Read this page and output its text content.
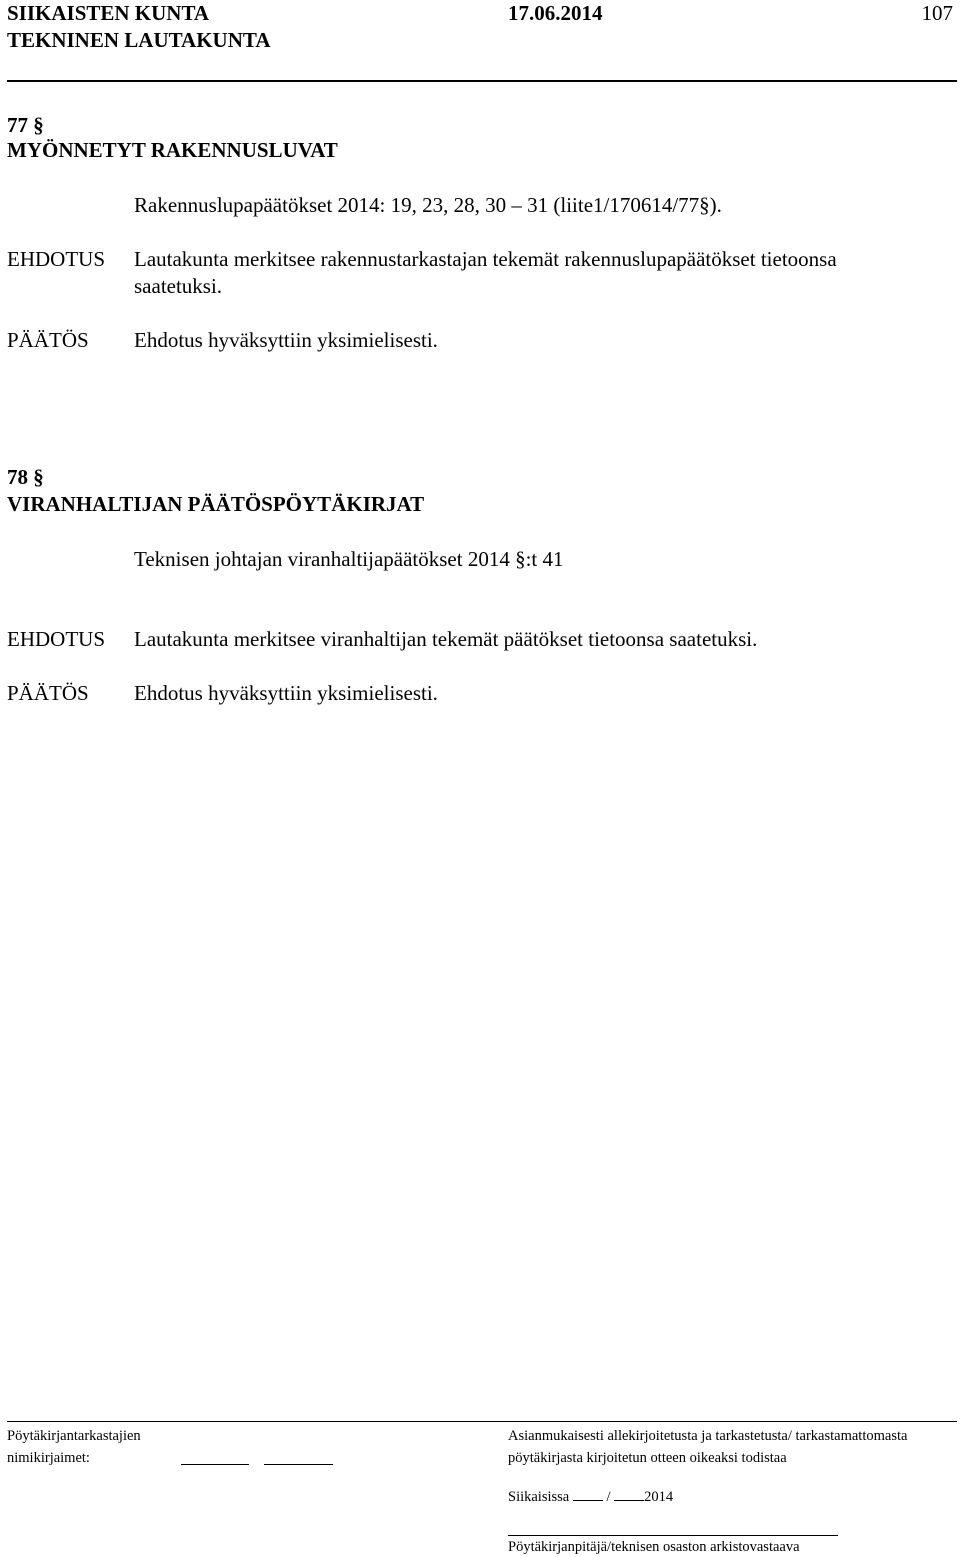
SIIKAISTEN KUNTA
TEKNINEN LAUTAKUNTA
17.06.2014	107
77 §
MYÖNNETYT RAKENNUSLUVAT
Rakennuslupapäätökset 2014: 19, 23, 28, 30 – 31 (liite1/170614/77§).
EHDOTUS Lautakunta merkitsee rakennustarkastajan tekemät rakennuslupapäätökset tietoonsa
saatetuksi.
PÄÄTÖS Ehdotus hyväksyttiin yksimielisesti.
78 §
VIRANHALTIJAN PÄÄTÖSPÖYTÄKIRJAT
Teknisen johtajan viranhaltijapäätökset 2014 §:t 41
EHDOTUS Lautakunta merkitsee viranhaltijan tekemät päätökset tietoonsa saatetuksi.
PÄÄTÖS Ehdotus hyväksyttiin yksimielisesti.
Pöytäkirjantarkastajien
nimikirjaimet:
Asianmukaisesti allekirjoitetusta ja tarkastetusta/ tarkastamattomasta
pöytäkirjasta kirjoitetun otteen oikeaksi todistaa
Siikaisissa	/ 2014
Pöytäkirjanpitäjä/teknisen osaston arkistovastaava
